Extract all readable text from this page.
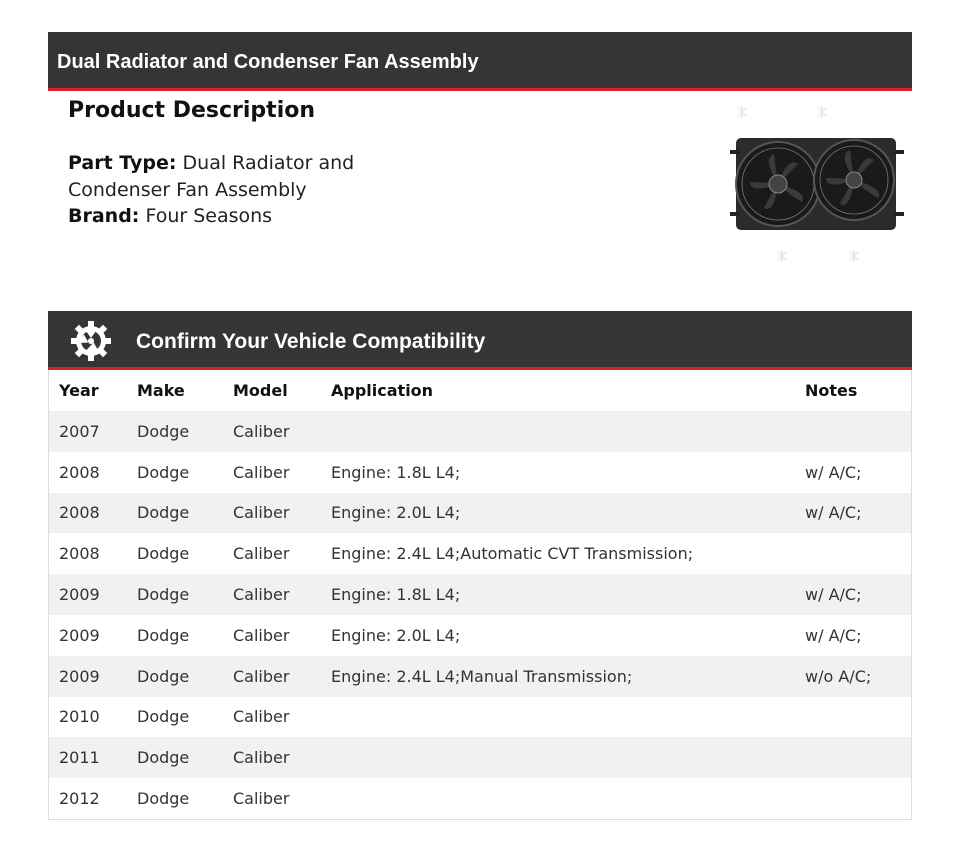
Dual Radiator and Condenser Fan Assembly
Product Description
Part Type: Dual Radiator and Condenser Fan Assembly
Brand: Four Seasons
Confirm Your Vehicle Compatibility
Year	Make	Model	Application	Notes
2007	Dodge	Caliber		
2008	Dodge	Caliber	Engine: 1.8L L4;	w/ A/C;
2008	Dodge	Caliber	Engine: 2.0L L4;	w/ A/C;
2008	Dodge	Caliber	Engine: 2.4L L4;Automatic CVT Transmission;	
2009	Dodge	Caliber	Engine: 1.8L L4;	w/ A/C;
2009	Dodge	Caliber	Engine: 2.0L L4;	w/ A/C;
2009	Dodge	Caliber	Engine: 2.4L L4;Manual Transmission;	w/o A/C;
2010	Dodge	Caliber		
2011	Dodge	Caliber		
2012	Dodge	Caliber		
